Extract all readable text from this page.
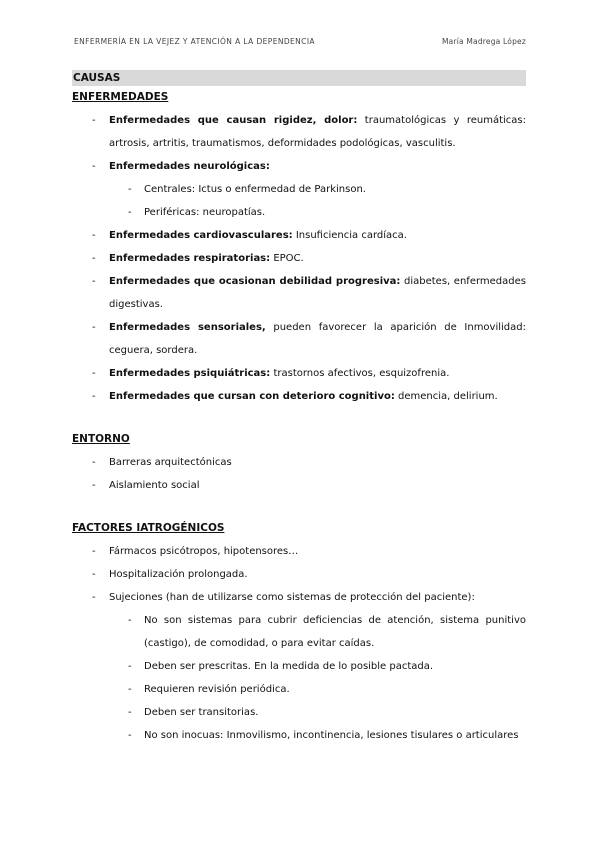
ENFERMERÍA EN LA VEJEZ Y ATENCIÓN A LA DEPENDENCIA	María Madrega López
CAUSAS
ENFERMEDADES
- Enfermedades que causan rigidez, dolor: traumatológicas y reumáticas: artrosis, artritis, traumatismos, deformidades podológicas, vasculitis.
- Enfermedades neurológicas:
- Centrales: Ictus o enfermedad de Parkinson.
- Periféricas: neuropatías.
- Enfermedades cardiovasculares: Insuficiencia cardíaca.
- Enfermedades respiratorias: EPOC.
- Enfermedades que ocasionan debilidad progresiva: diabetes, enfermedades digestivas.
- Enfermedades sensoriales, pueden favorecer la aparición de Inmovilidad: ceguera, sordera.
- Enfermedades psiquiátricas: trastornos afectivos, esquizofrenia.
- Enfermedades que cursan con deterioro cognitivo: demencia, delirium.
ENTORNO
- Barreras arquitectónicas
- Aislamiento social
FACTORES IATROGÉNICOS
- Fármacos psicótropos, hipotensores…
- Hospitalización prolongada.
- Sujeciones (han de utilizarse como sistemas de protección del paciente):
- No son sistemas para cubrir deficiencias de atención, sistema punitivo (castigo), de comodidad, o para evitar caídas.
- Deben ser prescritas. En la medida de lo posible pactada.
- Requieren revisión periódica.
- Deben ser transitorias.
- No son inocuas: Inmovilismo, incontinencia, lesiones tisulares o articulares
